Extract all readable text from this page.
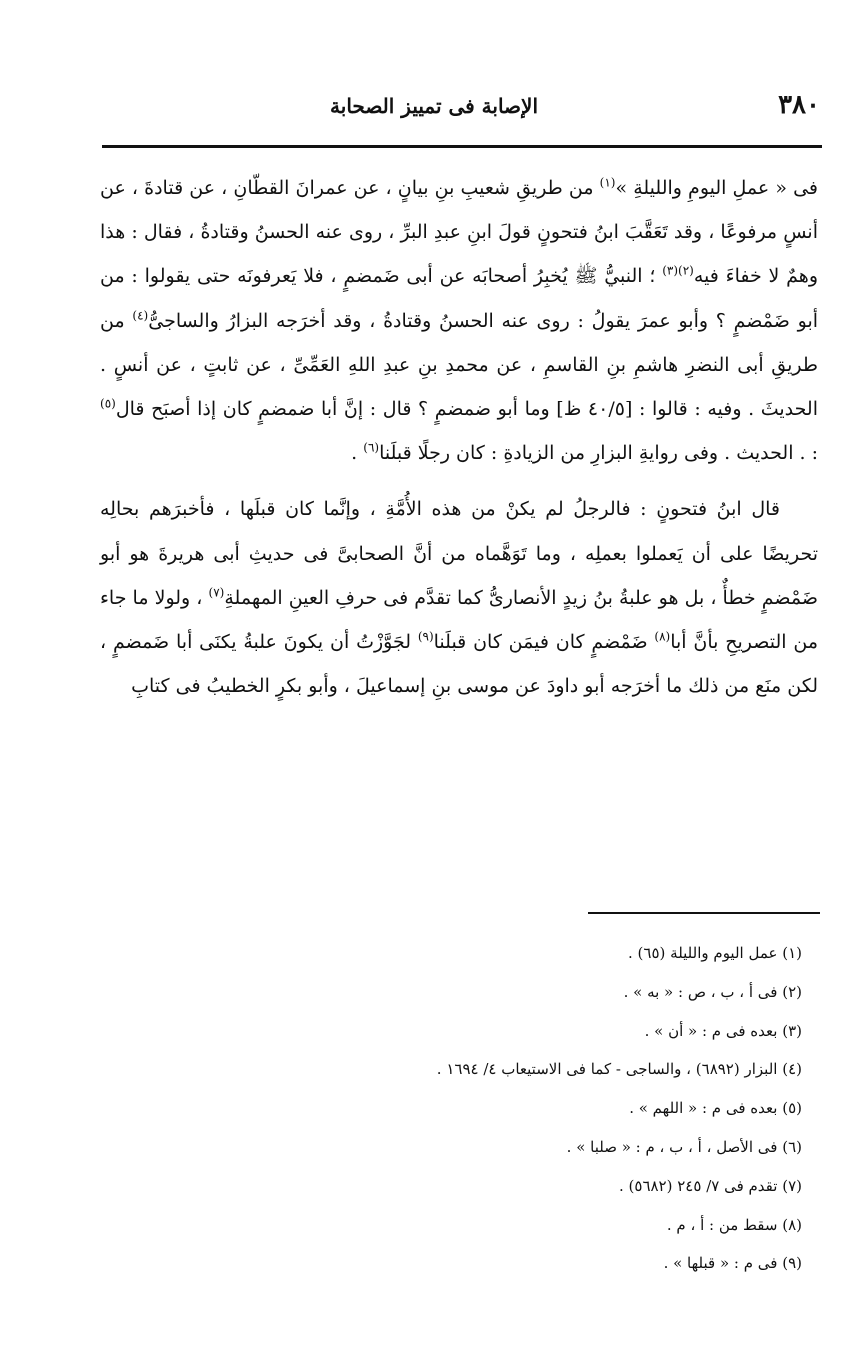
٣٨٠
الإصابة فى تمييز الصحابة

فى « عملِ اليومِ والليلةِ »$^{(١)}$ من طريقِ شعيبِ بنِ بيانٍ ، عن عمرانَ القطّانِ ، عن قتادةَ ، عن أنسٍ مرفوعًا ، وقد تَعَقَّبَ ابنُ فتحونٍ قولَ ابنِ عبدِ البرِّ ، روى عنه الحسنُ وقتادةُ ، فقال : هذا وهمٌ لا خفاءَ فيه$^{(٢)(٣)}$ ؛ النبيُّ ﷺ يُخبِرُ أصحابَه عن أبى ضَمضمٍ ، فلا يَعرفونَه حتى يقولوا : من أبو ضَمْضمٍ ؟ وأبو عمرَ يقولُ : روى عنه الحسنُ وقتادةُ ، وقد أخرَجه البزارُ والساجىُّ$^{(٤)}$ من طريقِ أبى النضرِ هاشمِ بنِ القاسمِ ، عن محمدِ بنِ عبدِ اللهِ العَمِّىِّ ، عن ثابتٍ ، عن أنسٍ . الحديثَ . وفيه : قالوا : [٤٠/٥ ظ] وما أبو ضمضمٍ ؟ قال : إنَّ أبا ضمضمٍ كان إذا أصبَح قال$^{(٥)}$ : . الحديث . وفى روايةِ البزارِ من الزيادةِ : كان رجلًا قبلَنا$^{(٦)}$ .

قال ابنُ فتحونٍ : فالرجلُ لم يكنْ من هذه الأُمَّةِ ، وإنَّما كان قبلَها ، فأخبرَهم بحالِه تحريضًا على أن يَعملوا بعملِه ، وما تَوَهَّماه من أنَّ الصحابىَّ فى حديثِ أبى هريرةَ هو أبو ضَمْضمٍ خطأٌ ، بل هو علبةُ بنُ زيدٍ الأنصارىُّ كما تقدَّم فى حرفِ العينِ المهملةِ$^{(٧)}$ ، ولولا ما جاء من التصريحِ بأنَّ أبا$^{(٨)}$ ضَمْضمٍ كان فيمَن كان قبلَنا$^{(٩)}$ لجَوَّزْتُ أن يكونَ علبةُ يكنَى أبا ضَمضمٍ ، لكن منَع من ذلك ما أخرَجه أبو داودَ عن موسى بنِ إسماعيلَ ، وأبو بكرٍ الخطيبُ فى كتابِ

(١) عمل اليوم والليلة (٦٥) .
(٢) فى أ ، ب ، ص : « به » .
(٣) بعده فى م : « أن » .
(٤) البزار (٦٨٩٢) ، والساجى - كما فى الاستيعاب ٤/ ١٦٩٤ .
(٥) بعده فى م : « اللهم » .
(٦) فى الأصل ، أ ، ب ، م : « صلبا » .
(٧) تقدم فى ٧/ ٢٤٥ (٥٦٨٢) .
(٨) سقط من : أ ، م .
(٩) فى م : « قبلها » .
